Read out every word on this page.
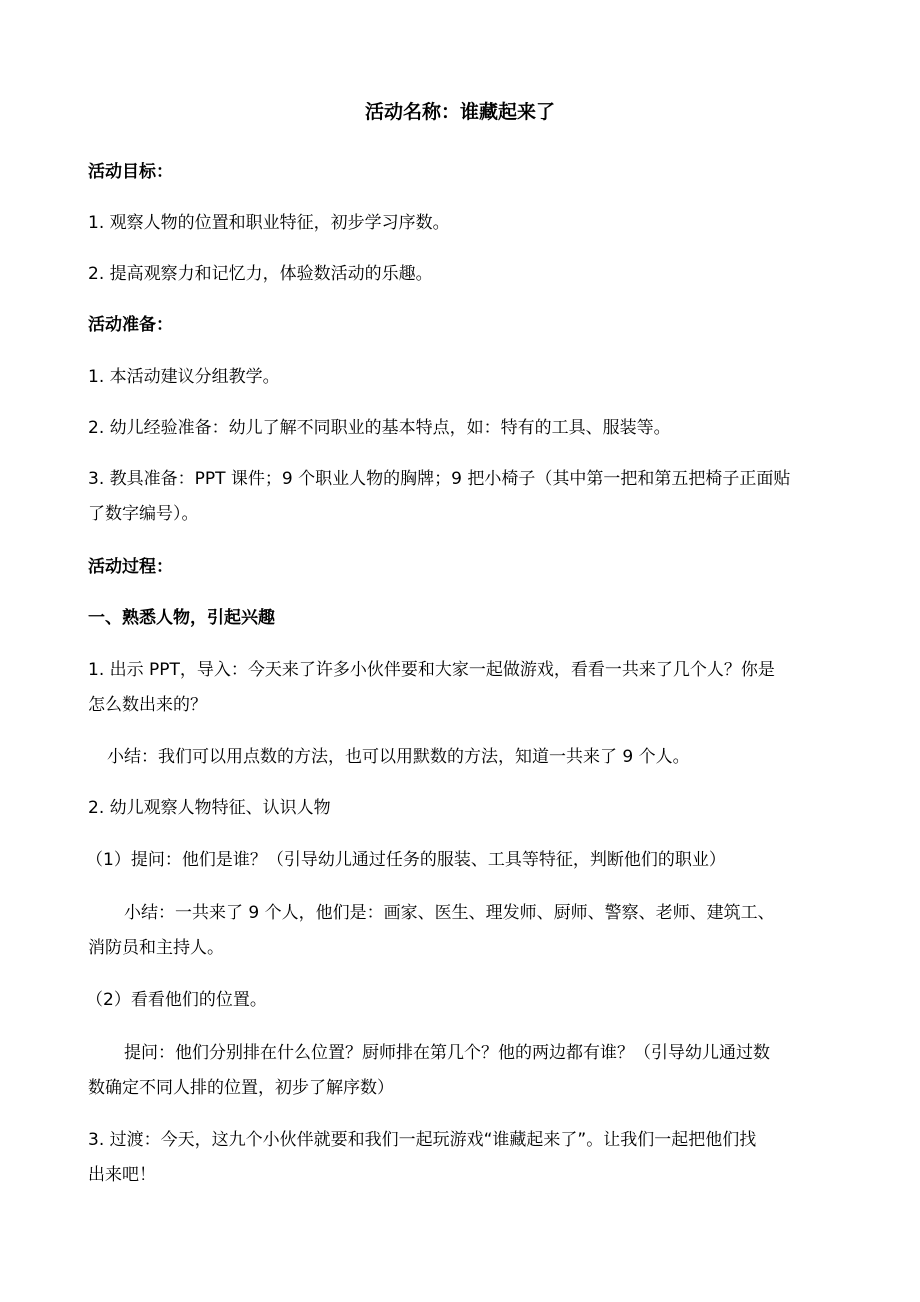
活动名称：谁藏起来了
活动目标：
1. 观察人物的位置和职业特征，初步学习序数。
2. 提高观察力和记忆力，体验数活动的乐趣。
活动准备：
1. 本活动建议分组教学。
2. 幼儿经验准备：幼儿了解不同职业的基本特点，如：特有的工具、服装等。
3. 教具准备：PPT 课件；9 个职业人物的胸牌；9 把小椅子（其中第一把和第五把椅子正面贴
了数字编号）。
活动过程：
一、熟悉人物，引起兴趣
1. 出示 PPT，导入：今天来了许多小伙伴要和大家一起做游戏，看看一共来了几个人？你是
怎么数出来的？
小结：我们可以用点数的方法，也可以用默数的方法，知道一共来了 9 个人。
2. 幼儿观察人物特征、认识人物
（1）提问：他们是谁？（引导幼儿通过任务的服装、工具等特征，判断他们的职业）
小结：一共来了 9 个人，他们是：画家、医生、理发师、厨师、警察、老师、建筑工、
消防员和主持人。
（2）看看他们的位置。
提问：他们分别排在什么位置？厨师排在第几个？他的两边都有谁？（引导幼儿通过数
数确定不同人排的位置，初步了解序数）
3. 过渡：今天，这九个小伙伴就要和我们一起玩游戏“谁藏起来了”。让我们一起把他们找
出来吧！
